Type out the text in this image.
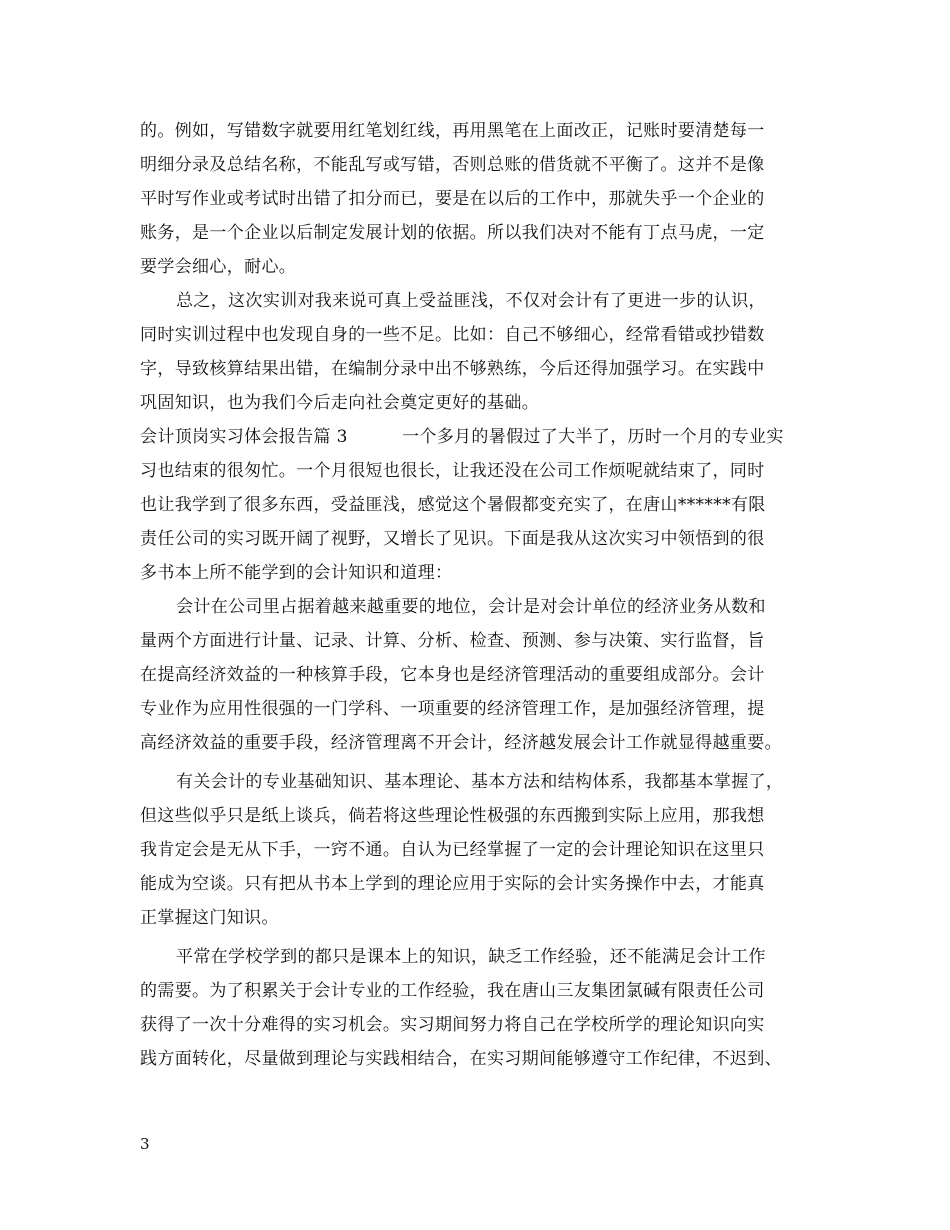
的。例如，写错数字就要用红笔划红线，再用黑笔在上面改正，记账时要清楚每一
明细分录及总结名称，不能乱写或写错，否则总账的借货就不平衡了。这并不是像
平时写作业或考试时出错了扣分而已，要是在以后的工作中，那就失乎一个企业的
账务，是一个企业以后制定发展计划的依据。所以我们决对不能有丁点马虎，一定
要学会细心，耐心。
总之，这次实训对我来说可真上受益匪浅，不仅对会计有了更进一步的认识，
同时实训过程中也发现自身的一些不足。比如：自己不够细心，经常看错或抄错数
字，导致核算结果出错，在编制分录中出不够熟练，今后还得加强学习。在实践中
巩固知识，也为我们今后走向社会奠定更好的基础。
会计顶岗实习体会报告篇 3	一个多月的暑假过了大半了，历时一个月的专业实
习也结束的很匆忙。一个月很短也很长，让我还没在公司工作烦呢就结束了，同时
也让我学到了很多东西，受益匪浅，感觉这个暑假都变充实了，在唐山******有限
责任公司的实习既开阔了视野，又增长了见识。下面是我从这次实习中领悟到的很
多书本上所不能学到的会计知识和道理：
会计在公司里占据着越来越重要的地位，会计是对会计单位的经济业务从数和
量两个方面进行计量、记录、计算、分析、检查、预测、参与决策、实行监督，旨
在提高经济效益的一种核算手段，它本身也是经济管理活动的重要组成部分。会计
专业作为应用性很强的一门学科、一项重要的经济管理工作，是加强经济管理，提
高经济效益的重要手段，经济管理离不开会计，经济越发展会计工作就显得越重要。
有关会计的专业基础知识、基本理论、基本方法和结构体系，我都基本掌握了，
但这些似乎只是纸上谈兵，倘若将这些理论性极强的东西搬到实际上应用，那我想
我肯定会是无从下手，一窍不通。自认为已经掌握了一定的会计理论知识在这里只
能成为空谈。只有把从书本上学到的理论应用于实际的会计实务操作中去，才能真
正掌握这门知识。
平常在学校学到的都只是课本上的知识，缺乏工作经验，还不能满足会计工作
的需要。为了积累关于会计专业的工作经验，我在唐山三友集团氯碱有限责任公司
获得了一次十分难得的实习机会。实习期间努力将自己在学校所学的理论知识向实
践方面转化，尽量做到理论与实践相结合，在实习期间能够遵守工作纪律，不迟到、
3
